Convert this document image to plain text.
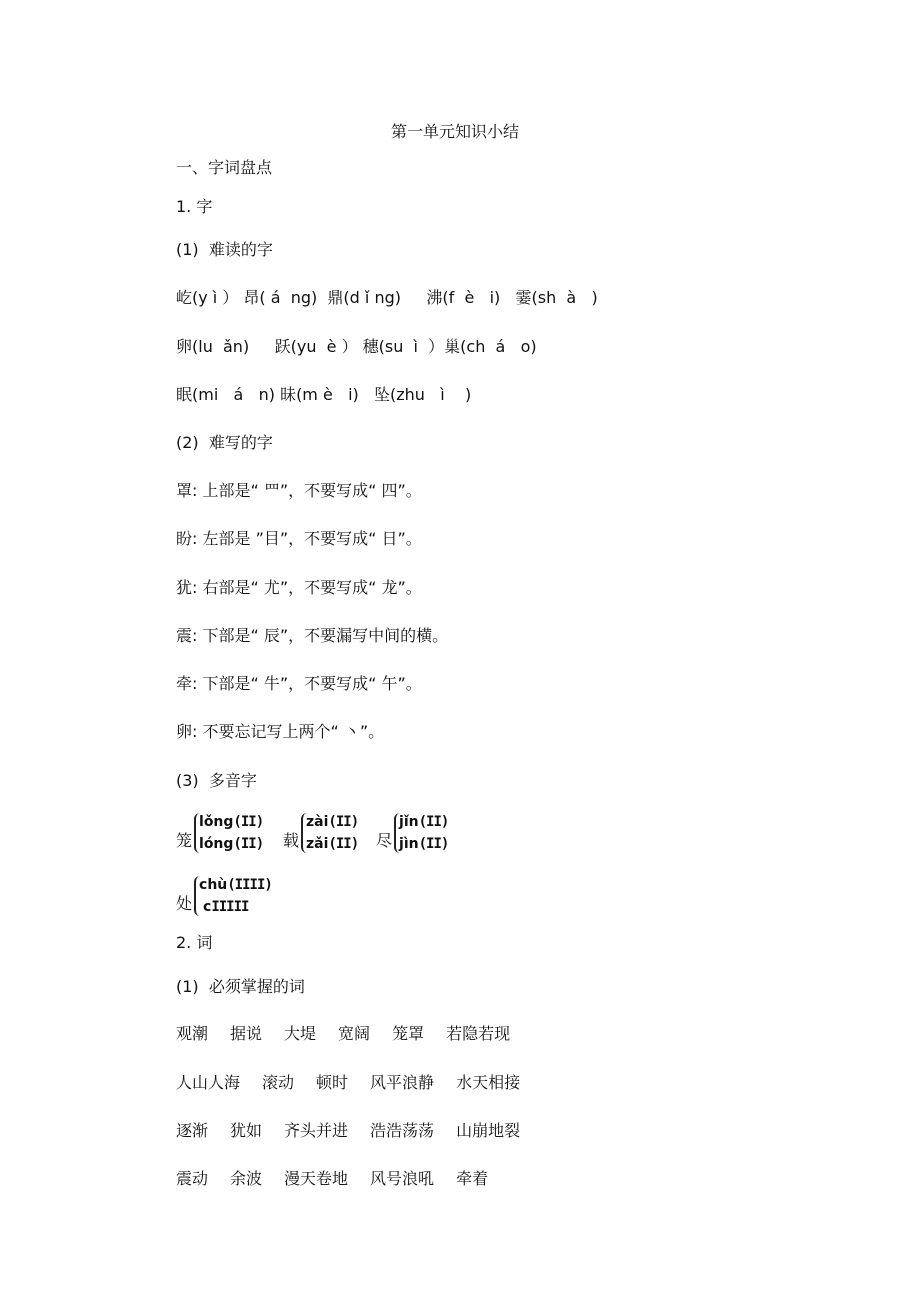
第一单元知识小结
一、字词盘点
1. 字
(1)  难读的字
屹(y ì ） 昂( á  ng)  鼎(d ǐ ng)     沸(f  è   i)   霎(sh  à   )
卵(lu  ǎn)     跃(yu  è ） 穗(su  ì  ）巢(ch  á   o)
眠(mi   á   n) 昧(m è   i)   坠(zhu   ì    )
(2)  难写的字
罩: 上部是“ 罒”，不要写成“ 四”。
盼: 左部是 ”目”，不要写成“ 日”。
犹: 右部是“ 尤”，不要写成“ 龙”。
震: 下部是“ 辰”，不要漏写中间的横。
牵: 下部是“ 牛”，不要写成“ 午”。
卵: 不要忘记写上两个“ 丶”。
(3)  多音字
笼
lǒng(II)
lóng(II) 载
zài(II)
zǎi(II) 尽
jǐn(II)
jìn(II)
处
chù(IIII)
cIIIII
2. 词
(1)  必须掌握的词
观潮 据说 大堤 宽阔 笼罩 若隐若现
人山人海 滚动 顿时 风平浪静 水天相接
逐渐 犹如 齐头并进 浩浩荡荡 山崩地裂
震动 余波 漫天卷地 风号浪吼 牵着
